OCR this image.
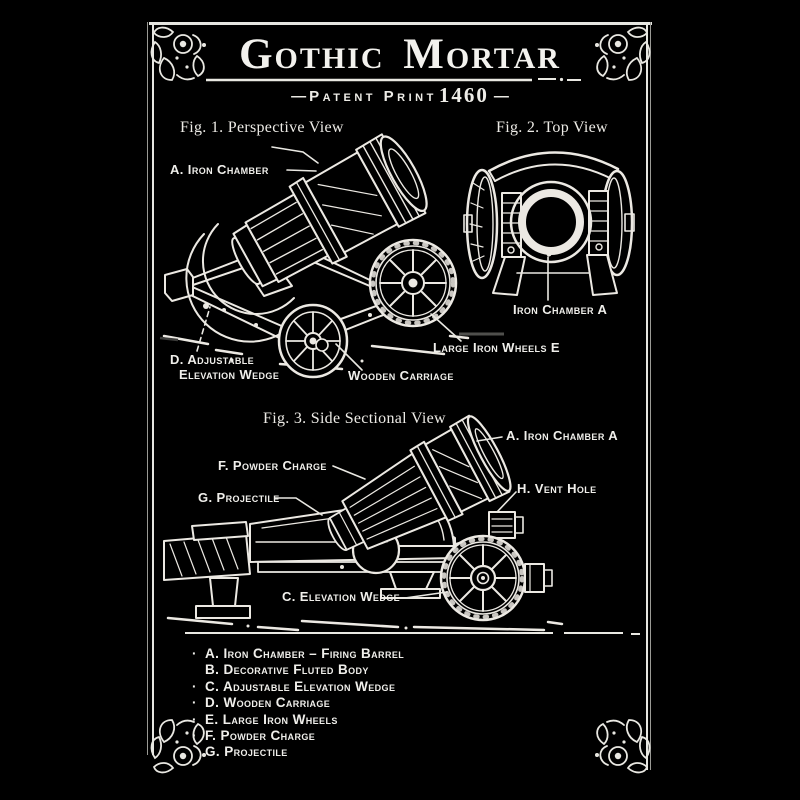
Gothic Mortar
— Patent Print1460 —
Fig. 1. Perspective View	Fig. 2. Top View
Fig. 3. Side Sectional View
A. Iron Chamber
D. Adjustable
Elevation Wedge	Wooden Carriage
Large Iron Wheels E
Iron Chamber A
A. Iron Chamber A
F. Powder Charge
G. Projectile
H. Vent Hole
C. Elevation Wedge
· A. Iron Chamber – Firing Barrel
B. Decorative Fluted Body
· C. Adjustable Elevation Wedge
· D. Wooden Carriage
· E. Large Iron Wheels
· F. Powder Charge
G. Projectile
